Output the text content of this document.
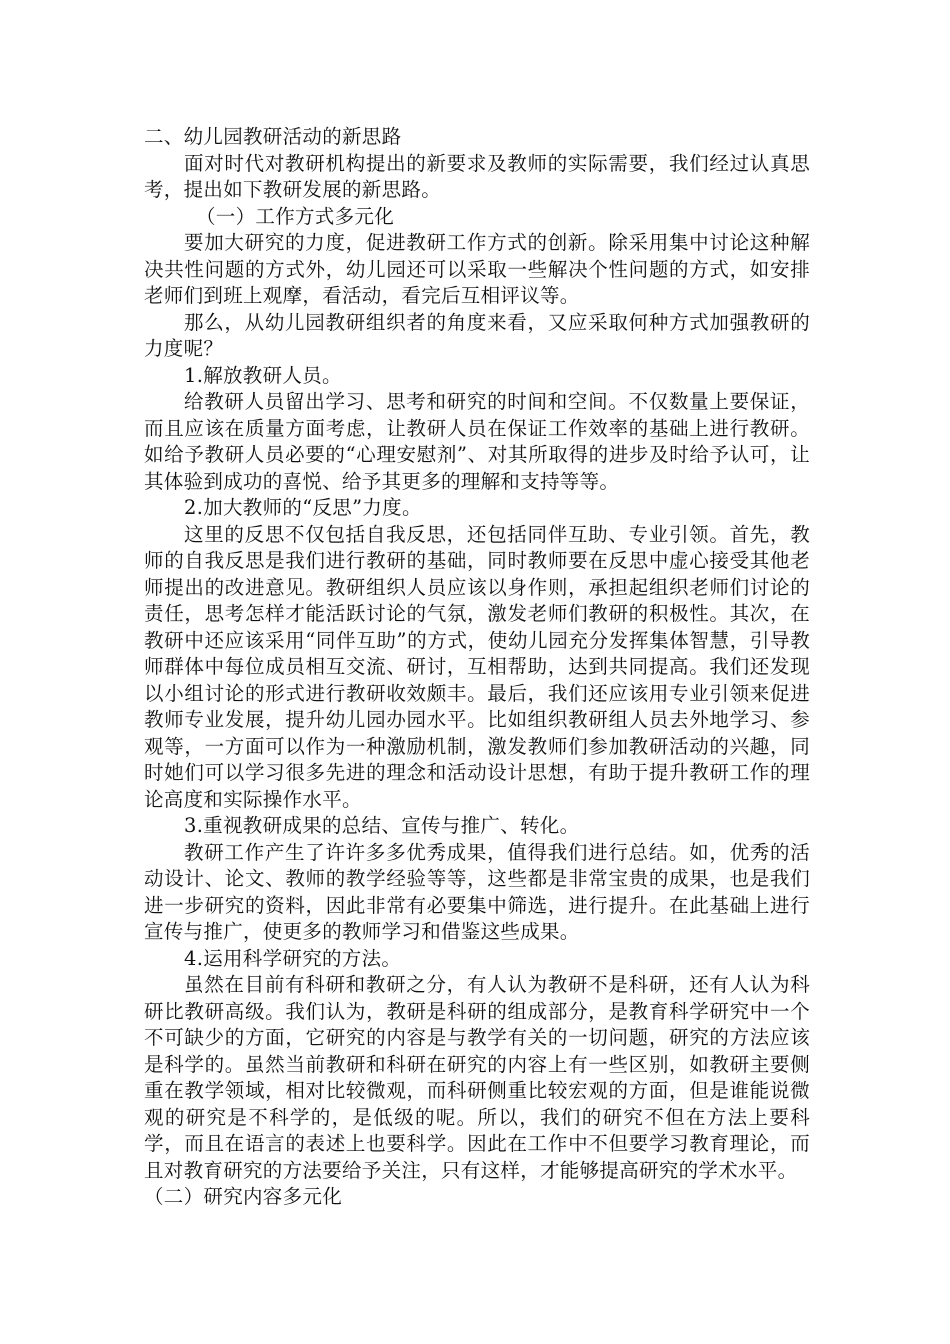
二、幼儿园教研活动的新思路

面对时代对教研机构提出的新要求及教师的实际需要，我们经过认真思考，提出如下教研发展的新思路。

（一）工作方式多元化

要加大研究的力度，促进教研工作方式的创新。除采用集中讨论这种解决共性问题的方式外，幼儿园还可以采取一些解决个性问题的方式，如安排老师们到班上观摩，看活动，看完后互相评议等。

那么，从幼儿园教研组织者的角度来看，又应采取何种方式加强教研的力度呢？

1.解放教研人员。

给教研人员留出学习、思考和研究的时间和空间。不仅数量上要保证，而且应该在质量方面考虑，让教研人员在保证工作效率的基础上进行教研。如给予教研人员必要的“心理安慰剂”、对其所取得的进步及时给予认可，让其体验到成功的喜悦、给予其更多的理解和支持等等。

2.加大教师的“反思”力度。

这里的反思不仅包括自我反思，还包括同伴互助、专业引领。首先，教师的自我反思是我们进行教研的基础，同时教师要在反思中虚心接受其他老师提出的改进意见。教研组织人员应该以身作则，承担起组织老师们讨论的责任，思考怎样才能活跃讨论的气氛，激发老师们教研的积极性。其次，在教研中还应该采用“同伴互助”的方式，使幼儿园充分发挥集体智慧，引导教师群体中每位成员相互交流、研讨，互相帮助，达到共同提高。我们还发现以小组讨论的形式进行教研收效颇丰。最后，我们还应该用专业引领来促进教师专业发展，提升幼儿园办园水平。比如组织教研组人员去外地学习、参观等，一方面可以作为一种激励机制，激发教师们参加教研活动的兴趣，同时她们可以学习很多先进的理念和活动设计思想，有助于提升教研工作的理论高度和实际操作水平。

3.重视教研成果的总结、宣传与推广、转化。

教研工作产生了许许多多优秀成果，值得我们进行总结。如，优秀的活动设计、论文、教师的教学经验等等，这些都是非常宝贵的成果，也是我们进一步研究的资料，因此非常有必要集中筛选，进行提升。在此基础上进行宣传与推广，使更多的教师学习和借鉴这些成果。

4.运用科学研究的方法。

虽然在目前有科研和教研之分，有人认为教研不是科研，还有人认为科研比教研高级。我们认为，教研是科研的组成部分，是教育科学研究中一个不可缺少的方面，它研究的内容是与教学有关的一切问题，研究的方法应该是科学的。虽然当前教研和科研在研究的内容上有一些区别，如教研主要侧重在教学领域，相对比较微观，而科研侧重比较宏观的方面，但是谁能说微观的研究是不科学的，是低级的呢。所以，我们的研究不但在方法上要科学，而且在语言的表述上也要科学。因此在工作中不但要学习教育理论，而且对教育研究的方法要给予关注，只有这样，才能够提高研究的学术水平。

（二）研究内容多元化
